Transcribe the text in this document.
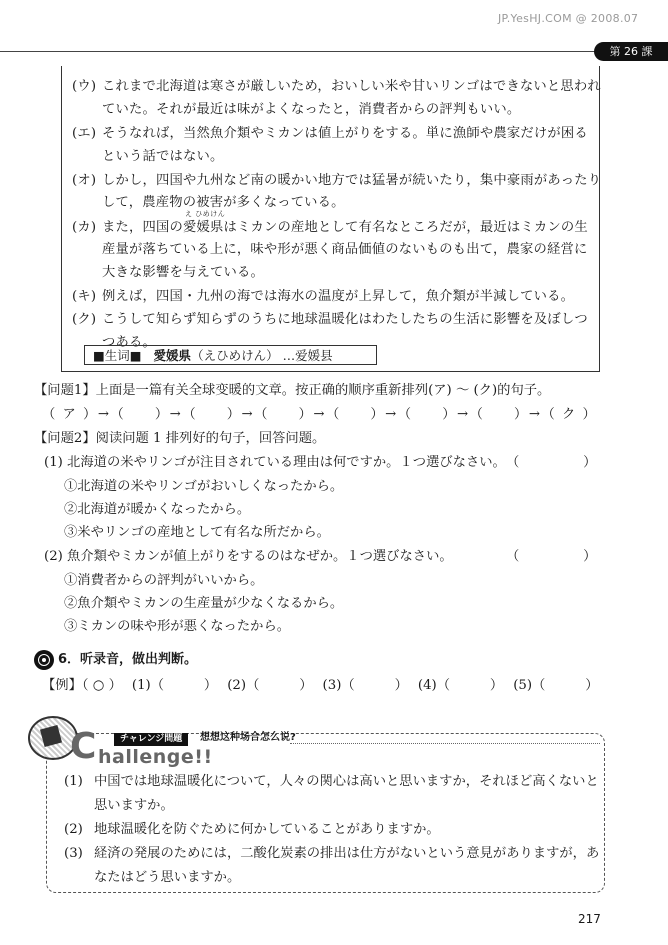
JP.YesHJ.COM @ 2008.07
第 26 課
(ウ) これまで北海道は寒さが厳しいため，おいしい米や甘いリンゴはできないと思われ
ていた。それが最近は味がよくなったと，消費者からの評判もいい。
(エ) そうなれば，当然魚介類やミカンは値上がりをする。単に漁師や農家だけが困る
という話ではない。
(オ) しかし，四国や九州など南の暖かい地方では猛暑が続いたり，集中豪雨があったり
して，農産物の被害が多くなっている。
(カ) また，四国の
え ひめけん
愛媛県はミカンの産地として有名なところだが，最近はミカンの生
産量が落ちている上に，味や形が悪く商品価値のないものも出て，農家の経営に
大きな影響を与えている。
(キ) 例えば，四国・九州の海では海水の温度が上昇して，魚介類が半減している。
(ク) こうして知らず知らずのうちに地球温暖化はわたしたちの生活に影響を及ぼしつ
つある。
■生词■ 愛媛県（えひめけん） …爱媛县
【问题1】上面是一篇有关全球变暖的文章。按正确的顺序重新排列(ア) ～ (ク)的句子。
（ ア ）→（　　）→（　　）→（　　）→（　　）→（　　）→（　　）→（ ク ）
【问题2】阅读问题 1 排列好的句子，回答问题。
(1) 北海道の米やリンゴが注目されている理由は何ですか。１つ選びなさい。 （　　　）
①北海道の米やリンゴがおいしくなったから。
②北海道が暖かくなったから。
③米やリンゴの産地として有名な所だから。
(2) 魚介類やミカンが値上がりをするのはなぜか。１つ選びなさい。	（　　　）
①消費者からの評判がいいから。
②魚介類やミカンの生産量が少なくなるから。
③ミカンの味や形が悪くなったから。
6．听录音，做出判断。
【例】（ ○ ） (1)（　　　） (2)（　　　） (3)（　　　） (4)（　　　） (5)（　　　）
C hallenge!!
チャレンジ問題	想想这种场合怎么说?
(1) 中国では地球温暖化について，人々の関心は高いと思いますか，それほど高くないと
思いますか。
(2) 地球温暖化を防ぐために何かしていることがありますか。
(3) 経済の発展のためには，二酸化炭素の排出は仕方がないという意見がありますが，あ
なたはどう思いますか。
217
